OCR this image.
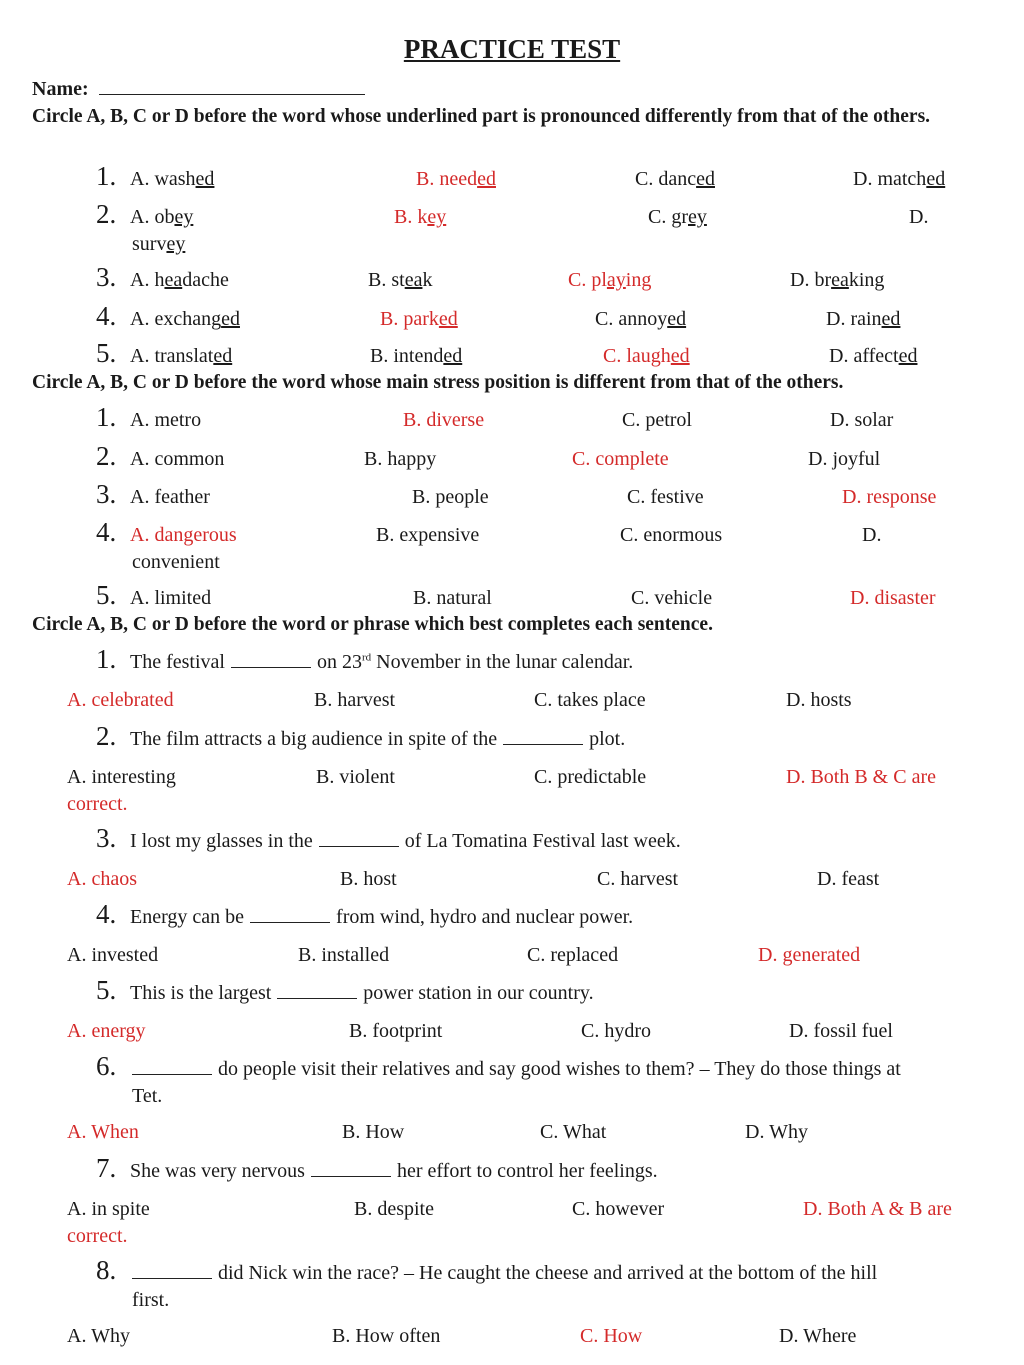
PRACTICE TEST
Name:
Circle A, B, C or D before the word whose underlined part is pronounced differently from that of the others.
1. A. washed	B. needed	C. danced	D. matched
2. A. obey	B. key	C. grey	D.
survey
3. A. headache	B. steak	C. playing	D. breaking
4. A. exchanged	B. parked	C. annoyed	D. rained
5. A. translated	B. intended	C. laughed	D. affected
Circle A, B, C or D before the word whose main stress position is different from that of the others.
1. A. metro	B. diverse	C. petrol	D. solar
2. A. common	B. happy	C. complete	D. joyful
3. A. feather	B. people	C. festive	D. response
4. A. dangerous	B. expensive	C. enormous	D.
convenient
5. A. limited	B. natural	C. vehicle	D. disaster
Circle A, B, C or D before the word or phrase which best completes each sentence.
1. The festival	on 23rd November in the lunar calendar.
A. celebrated	B. harvest	C. takes place	D. hosts
2. The film attracts a big audience in spite of the	plot.
A. interesting	B. violent	C. predictable	D. Both B & C are
correct.
3. I lost my glasses in the	of La Tomatina Festival last week.
A. chaos	B. host	C. harvest	D. feast
4. Energy can be	from wind, hydro and nuclear power.
A. invested	B. installed	C. replaced	D. generated
5. This is the largest	power station in our country.
A. energy	B. footprint	C. hydro	D. fossil fuel
6.	do people visit their relatives and say good wishes to them? – They do those things at
Tet.
A. When	B. How	C. What	D. Why
7. She was very nervous	her effort to control her feelings.
A. in spite	B. despite	C. however	D. Both A & B are
correct.
8.	did Nick win the race? – He caught the cheese and arrived at the bottom of the hill
first.
A. Why	B. How often	C. How	D. Where
